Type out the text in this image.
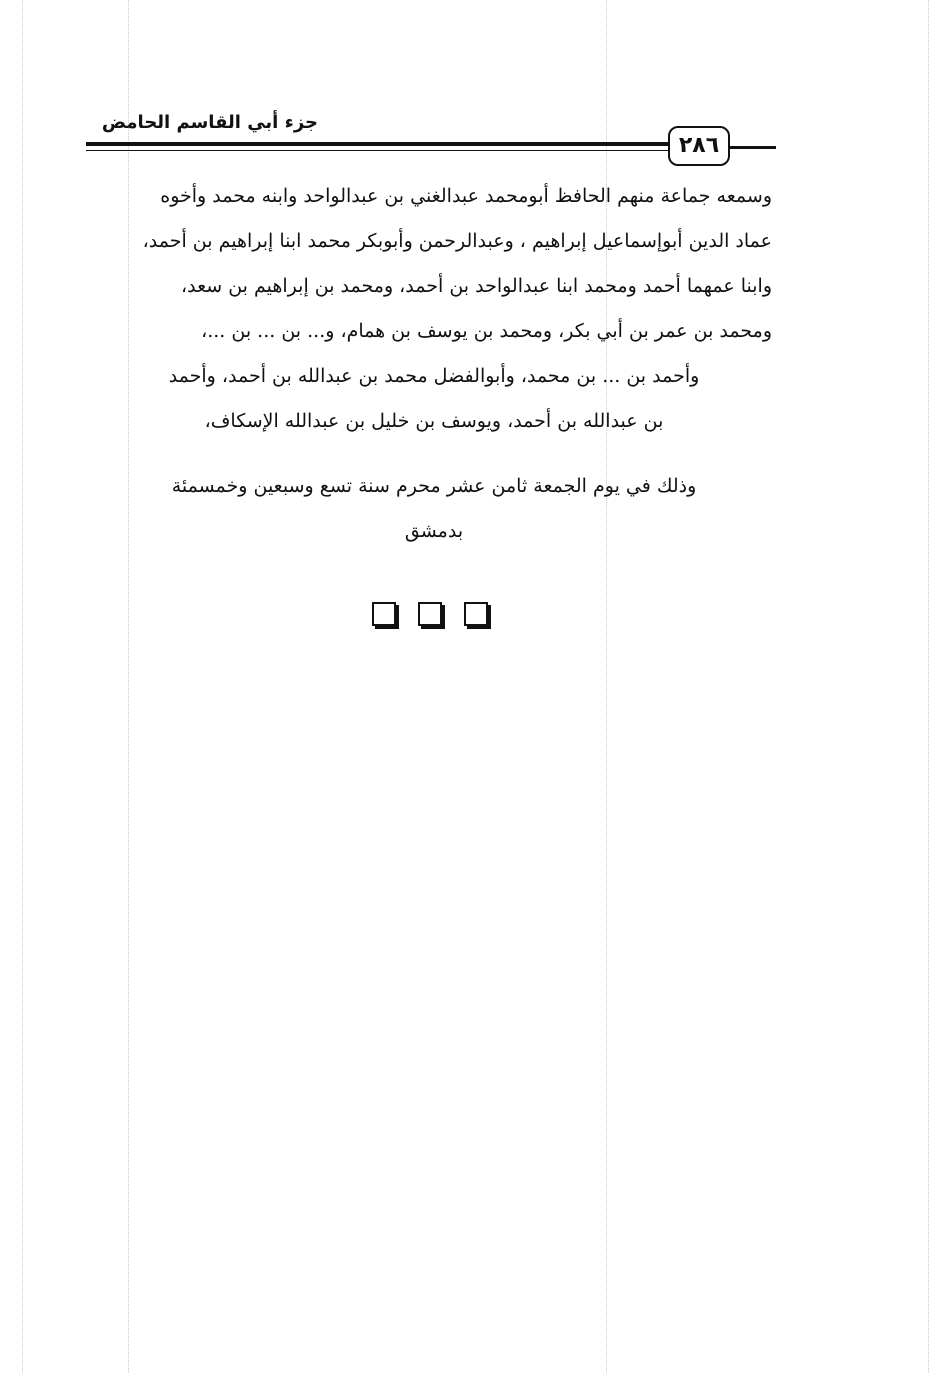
جزء أبي القاسم الحامض
٢٨٦
وسمعه جماعة منهم الحافظ أبومحمد عبدالغني بن عبدالواحد وابنه محمد وأخوه
عماد الدين أبوإسماعيل إبراهيم ، وعبدالرحمن وأبوبكر محمد ابنا إبراهيم بن أحمد،
وابنا عمهما أحمد ومحمد ابنا عبدالواحد بن أحمد، ومحمد بن إبراهيم بن سعد،
ومحمد بن عمر بن أبي بكر، ومحمد بن يوسف بن همام، و... بن ... بن ...،
وأحمد بن ... بن محمد، وأبوالفضل محمد بن عبدالله بن أحمد، وأحمد
بن عبدالله بن أحمد، ويوسف بن خليل بن عبدالله الإسكاف،
وذلك في يوم الجمعة ثامن عشر محرم سنة تسع وسبعين وخمسمئة
بدمشق
